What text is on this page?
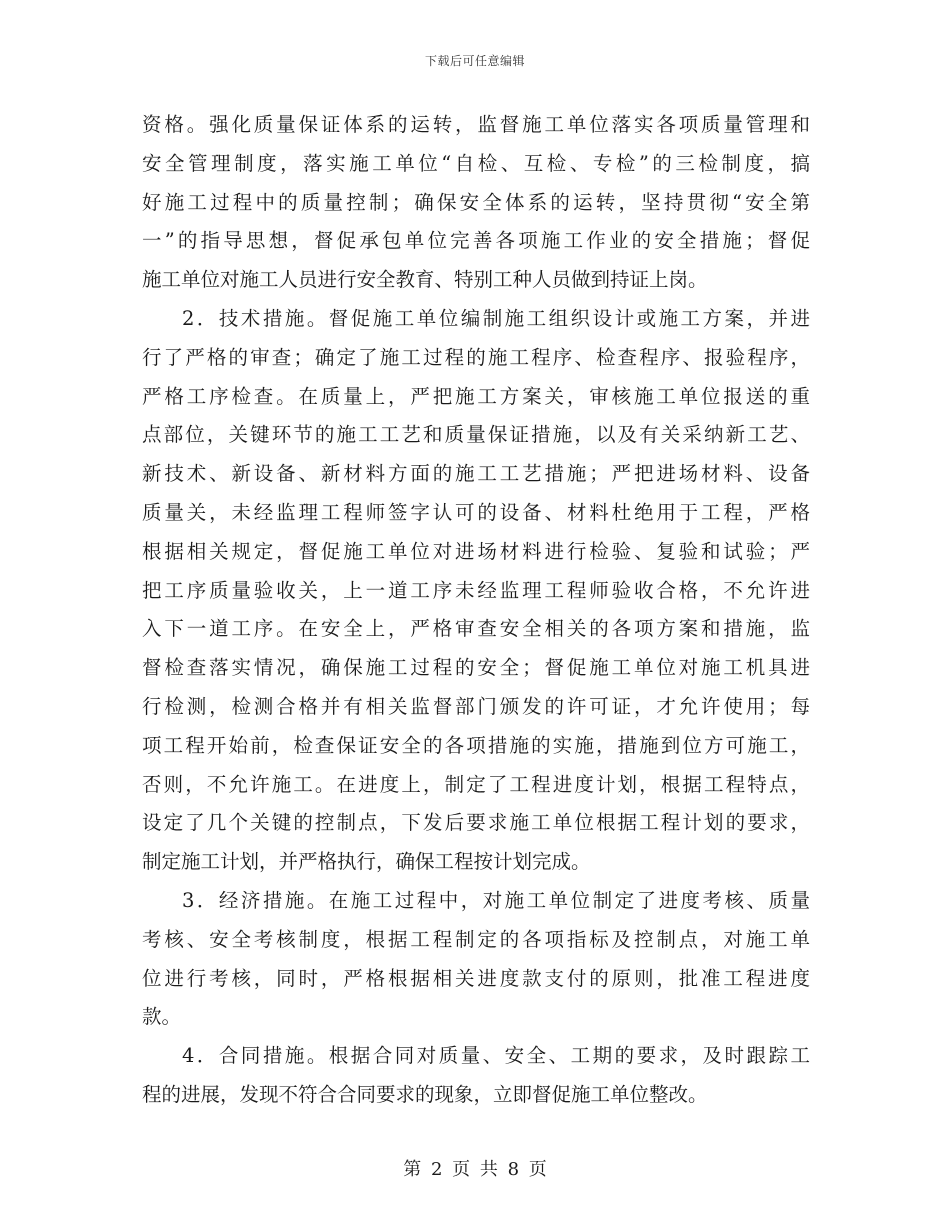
下载后可任意编辑
资格。强化质量保证体系的运转，监督施工单位落实各项质量管理和
安全管理制度，落实施工单位“自检、互检、专检”的三检制度，搞
好施工过程中的质量控制；确保安全体系的运转，坚持贯彻“安全第
一”的指导思想，督促承包单位完善各项施工作业的安全措施；督促
施工单位对施工人员进行安全教育、特别工种人员做到持证上岗。
2．技术措施。督促施工单位编制施工组织设计或施工方案，并进
行了严格的审查；确定了施工过程的施工程序、检查程序、报验程序，
严格工序检查。在质量上，严把施工方案关，审核施工单位报送的重
点部位，关键环节的施工工艺和质量保证措施，以及有关采纳新工艺、
新技术、新设备、新材料方面的施工工艺措施；严把进场材料、设备
质量关，未经监理工程师签字认可的设备、材料杜绝用于工程，严格
根据相关规定，督促施工单位对进场材料进行检验、复验和试验；严
把工序质量验收关，上一道工序未经监理工程师验收合格，不允许进
入下一道工序。在安全上，严格审查安全相关的各项方案和措施，监
督检查落实情况，确保施工过程的安全；督促施工单位对施工机具进
行检测，检测合格并有相关监督部门颁发的许可证，才允许使用；每
项工程开始前，检查保证安全的各项措施的实施，措施到位方可施工，
否则，不允许施工。在进度上，制定了工程进度计划，根据工程特点，
设定了几个关键的控制点，下发后要求施工单位根据工程计划的要求，
制定施工计划，并严格执行，确保工程按计划完成。
3．经济措施。在施工过程中，对施工单位制定了进度考核、质量
考核、安全考核制度，根据工程制定的各项指标及控制点，对施工单
位进行考核，同时，严格根据相关进度款支付的原则，批准工程进度
款。
4．合同措施。根据合同对质量、安全、工期的要求，及时跟踪工
程的进展，发现不符合合同要求的现象，立即督促施工单位整改。
第 2 页 共 8 页
